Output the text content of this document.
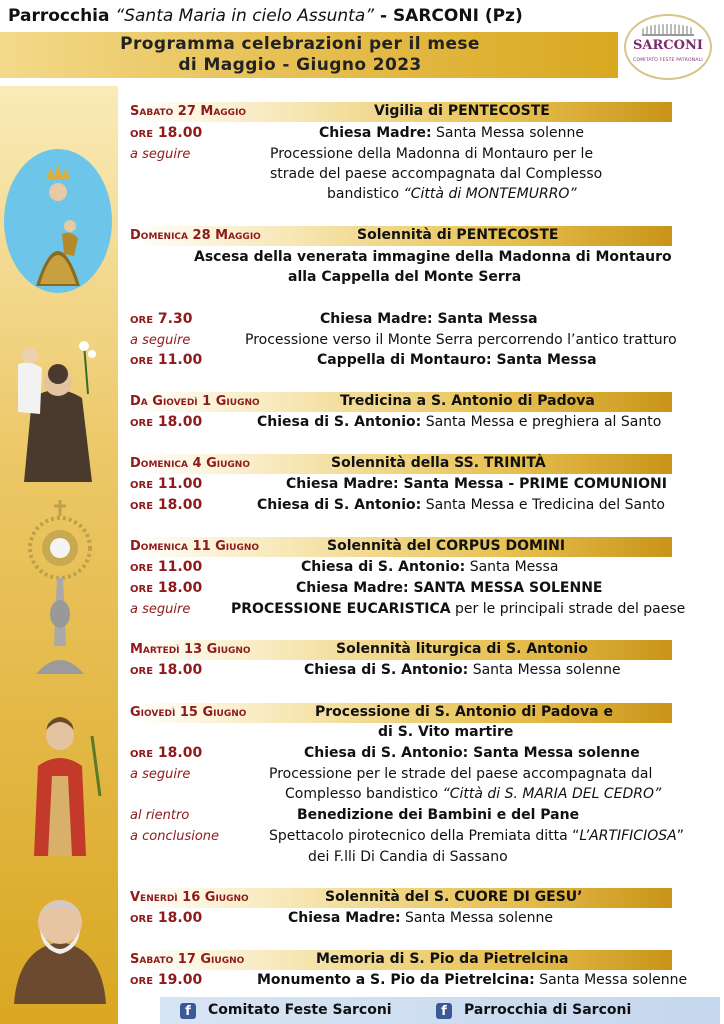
Parrocchia “Santa Maria in cielo Assunta” - SARCONI (Pz)
Programma celebrazioni per il mese
di Maggio - Giugno 2023
SARCONI
COMITATO FESTE PATRONALI
Sabato 27 Maggio	Vigilia di PENTECOSTE
ore 18.00	Chiesa Madre: Santa Messa solenne
a seguire	Processione della Madonna di Montauro per le
strade del paese accompagnata dal Complesso
bandistico “Città di MONTEMURRO”
Domenica 28 Maggio	Solennità di PENTECOSTE
Ascesa della venerata immagine della Madonna di Montauro
alla Cappella del Monte Serra
ore 7.30	Chiesa Madre: Santa Messa
a seguire	Processione verso il Monte Serra percorrendo l’antico tratturo
ore 11.00	Cappella di Montauro: Santa Messa
Da Giovedì 1 Giugno	Tredicina a S. Antonio di Padova
ore 18.00	Chiesa di S. Antonio: Santa Messa e preghiera al Santo
Domenica 4 Giugno	Solennità della SS. TRINITÀ
ore 11.00	Chiesa Madre: Santa Messa - PRIME COMUNIONI
ore 18.00	Chiesa di S. Antonio: Santa Messa e Tredicina del Santo
Domenica 11 Giugno	Solennità del CORPUS DOMINI
ore 11.00	Chiesa di S. Antonio: Santa Messa
ore 18.00	Chiesa Madre: SANTA MESSA SOLENNE
a seguire	PROCESSIONE EUCARISTICA per le principali strade del paese
Martedì 13 Giugno	Solennità liturgica di S. Antonio
ore 18.00	Chiesa di S. Antonio: Santa Messa solenne
Giovedì 15 Giugno	Processione di S. Antonio di Padova e
di S. Vito martire
ore 18.00	Chiesa di S. Antonio: Santa Messa solenne
a seguire	Processione per le strade del paese accompagnata dal
Complesso bandistico “Città di S. MARIA DEL CEDRO”
al rientro	Benedizione dei Bambini e del Pane
a conclusione	Spettacolo pirotecnico della Premiata ditta “L’ARTIFICIOSA”
dei F.lli Di Candia di Sassano
Venerdì 16 Giugno	Solennità del S. CUORE DI GESU’
ore 18.00	Chiesa Madre: Santa Messa solenne
Sabato 17 Giugno	Memoria di S. Pio da Pietrelcina
ore 19.00	Monumento a S. Pio da Pietrelcina: Santa Messa solenne
f	Comitato Feste Sarconi	f	Parrocchia di Sarconi
